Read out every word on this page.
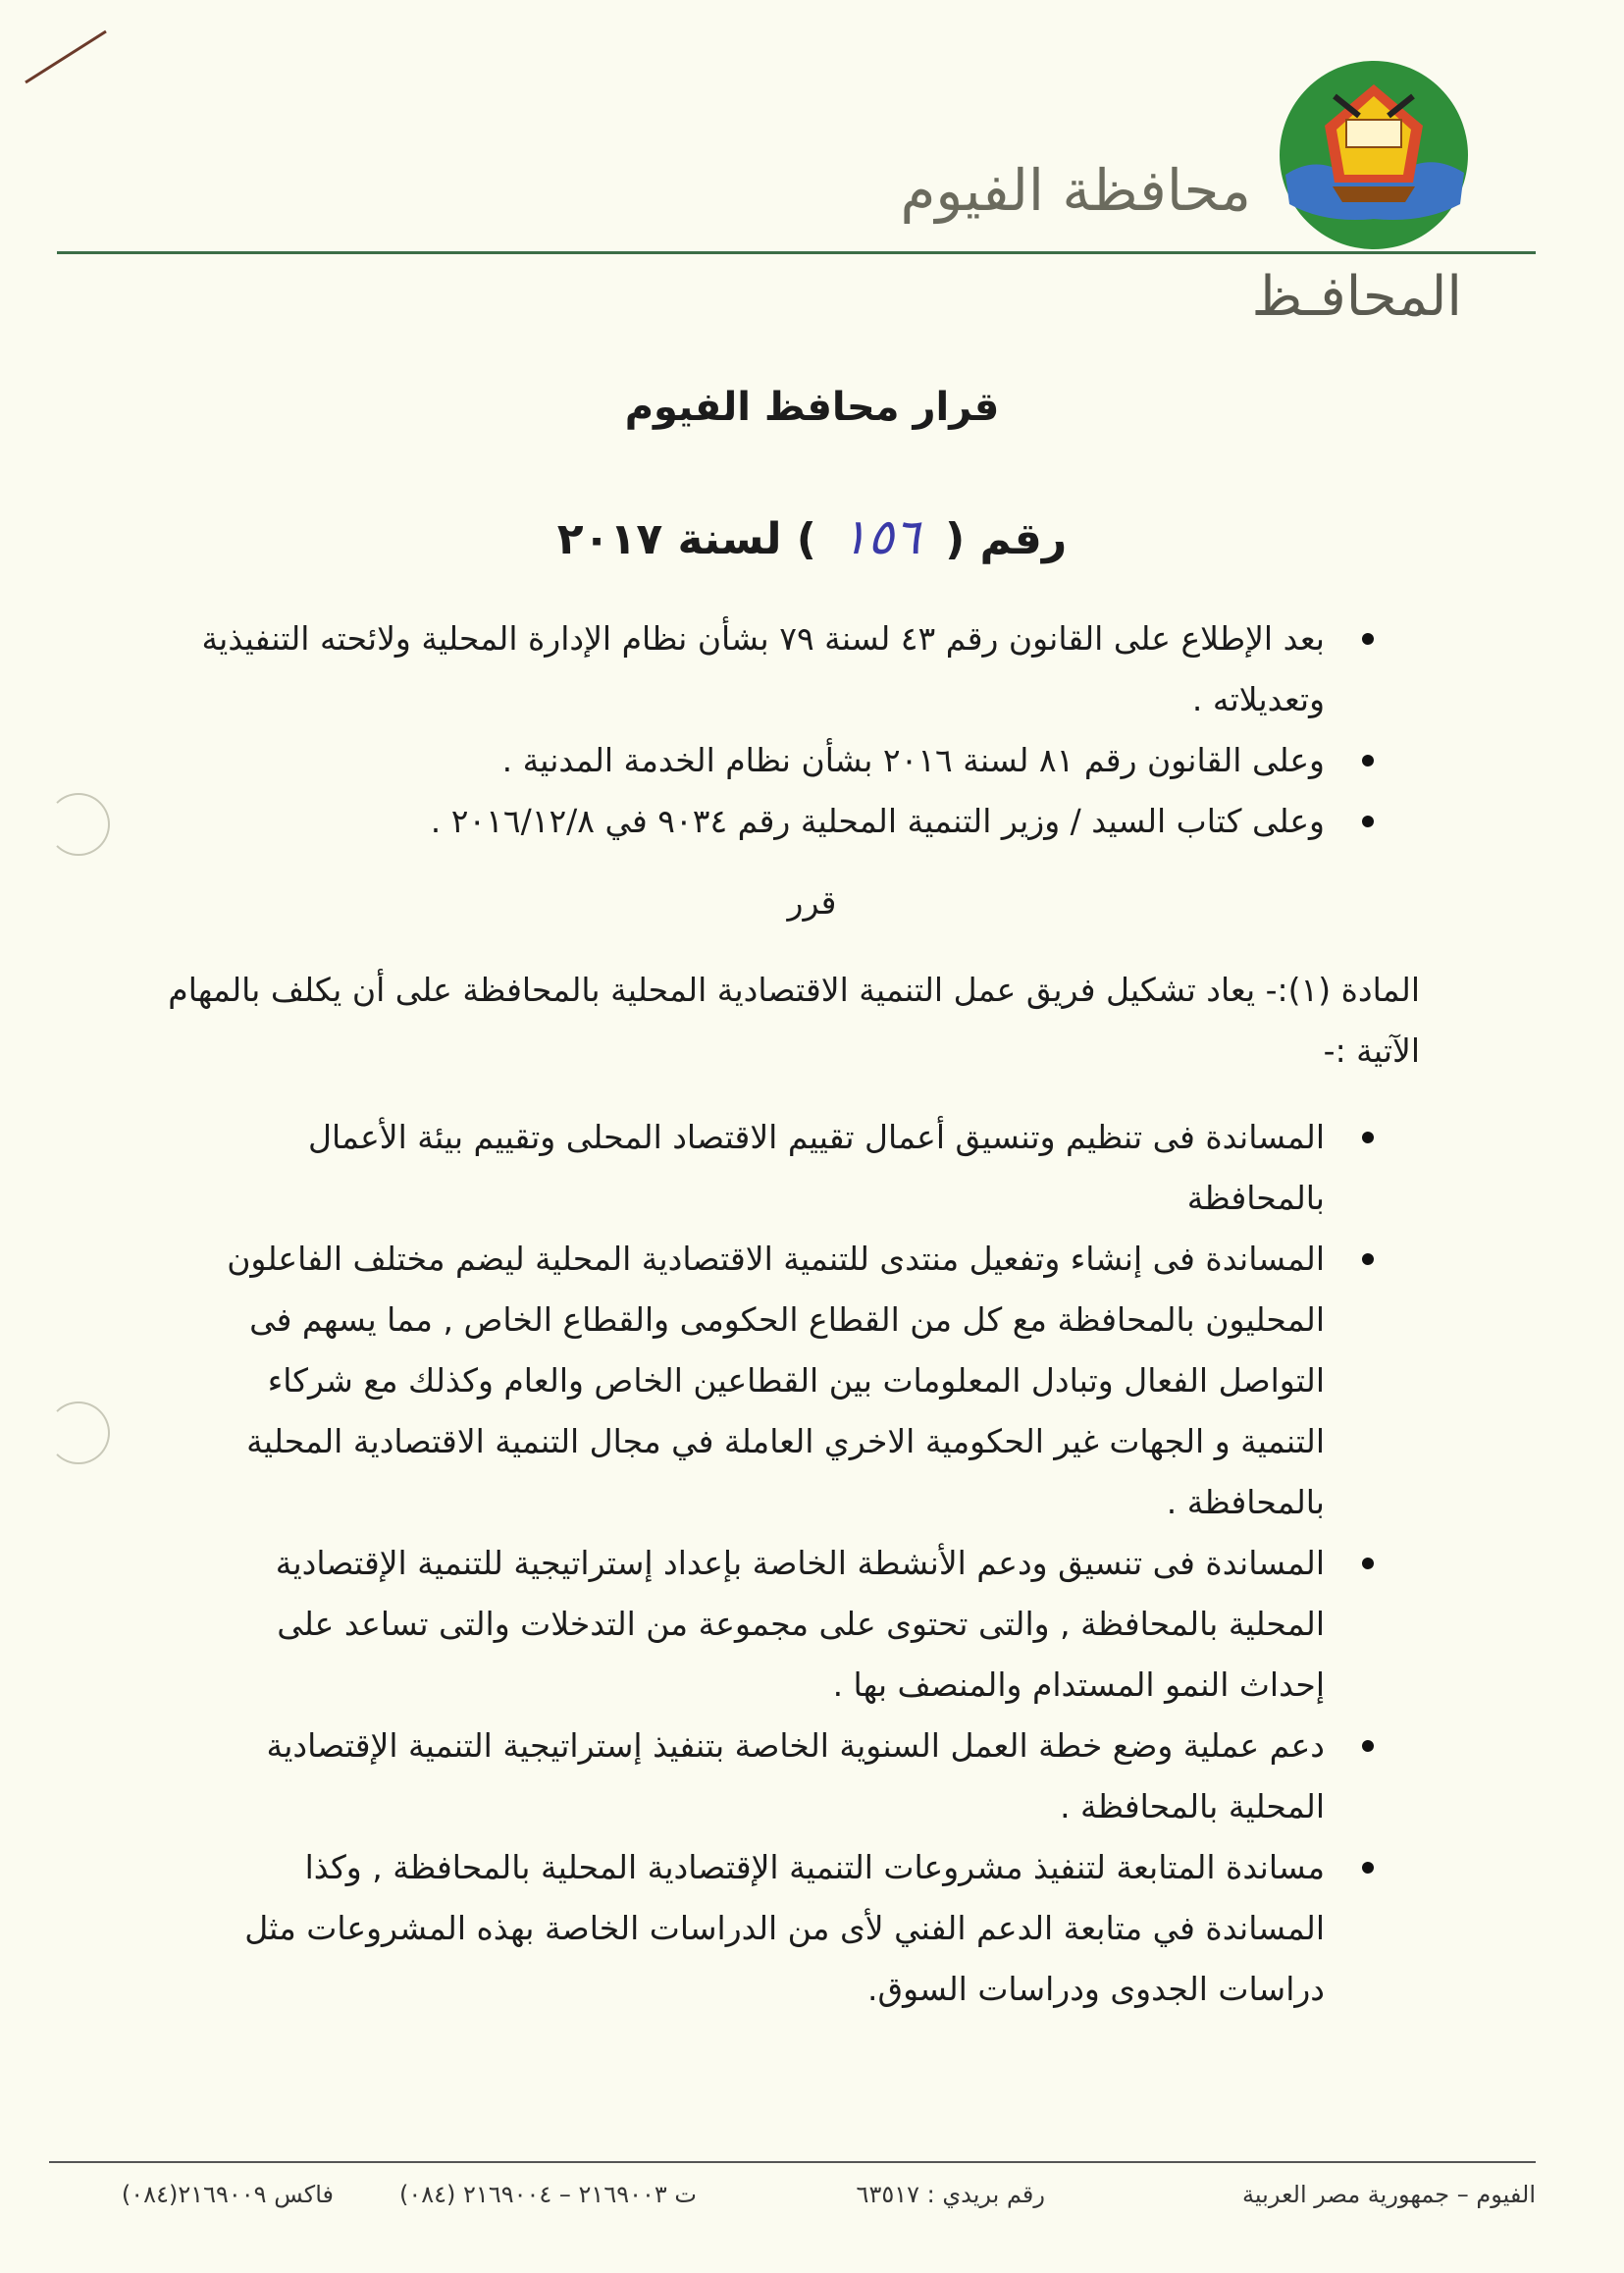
محافظة الفيوم
المحافـظ
قرار محافظ الفيوم
رقم ( ١٥٦ ) لسنة ٢٠١٧
بعد الإطلاع على القانون رقم ٤٣ لسنة ٧٩ بشأن نظام الإدارة المحلية ولائحته التنفيذية وتعديلاته .
وعلى القانون رقم ٨١ لسنة ٢٠١٦ بشأن نظام الخدمة المدنية .
وعلى كتاب السيد / وزير التنمية المحلية رقم ٩٠٣٤ في ٢٠١٦/١٢/٨ .
قرر
المادة (١):- يعاد تشكيل فريق عمل التنمية الاقتصادية المحلية بالمحافظة على أن يكلف بالمهام الآتية :-
المساندة فى تنظيم وتنسيق أعمال تقييم الاقتصاد المحلى وتقييم بيئة الأعمال بالمحافظة
المساندة فى إنشاء وتفعيل منتدى للتنمية الاقتصادية المحلية ليضم مختلف الفاعلون المحليون بالمحافظة مع كل من القطاع الحكومى والقطاع الخاص , مما يسهم فى التواصل الفعال وتبادل المعلومات بين القطاعين الخاص والعام وكذلك مع شركاء التنمية و الجهات غير الحكومية الاخري العاملة في مجال التنمية الاقتصادية المحلية بالمحافظة .
المساندة فى تنسيق ودعم الأنشطة الخاصة بإعداد إستراتيجية للتنمية الإقتصادية المحلية بالمحافظة , والتى تحتوى على مجموعة من التدخلات والتى تساعد على إحداث النمو المستدام والمنصف بها .
دعم عملية وضع خطة العمل السنوية الخاصة بتنفيذ إستراتيجية التنمية الإقتصادية المحلية بالمحافظة .
مساندة المتابعة لتنفيذ مشروعات التنمية الإقتصادية المحلية بالمحافظة , وكذا المساندة في متابعة الدعم الفني لأى من الدراسات الخاصة بهذه المشروعات مثل دراسات الجدوى ودراسات السوق.
الفيوم – جمهورية مصر العربية
رقم بريدي : ٦٣٥١٧
ت ٢١٦٩٠٠٣ – ٢١٦٩٠٠٤ (٠٨٤)
فاكس ٢١٦٩٠٠٩(٠٨٤)
